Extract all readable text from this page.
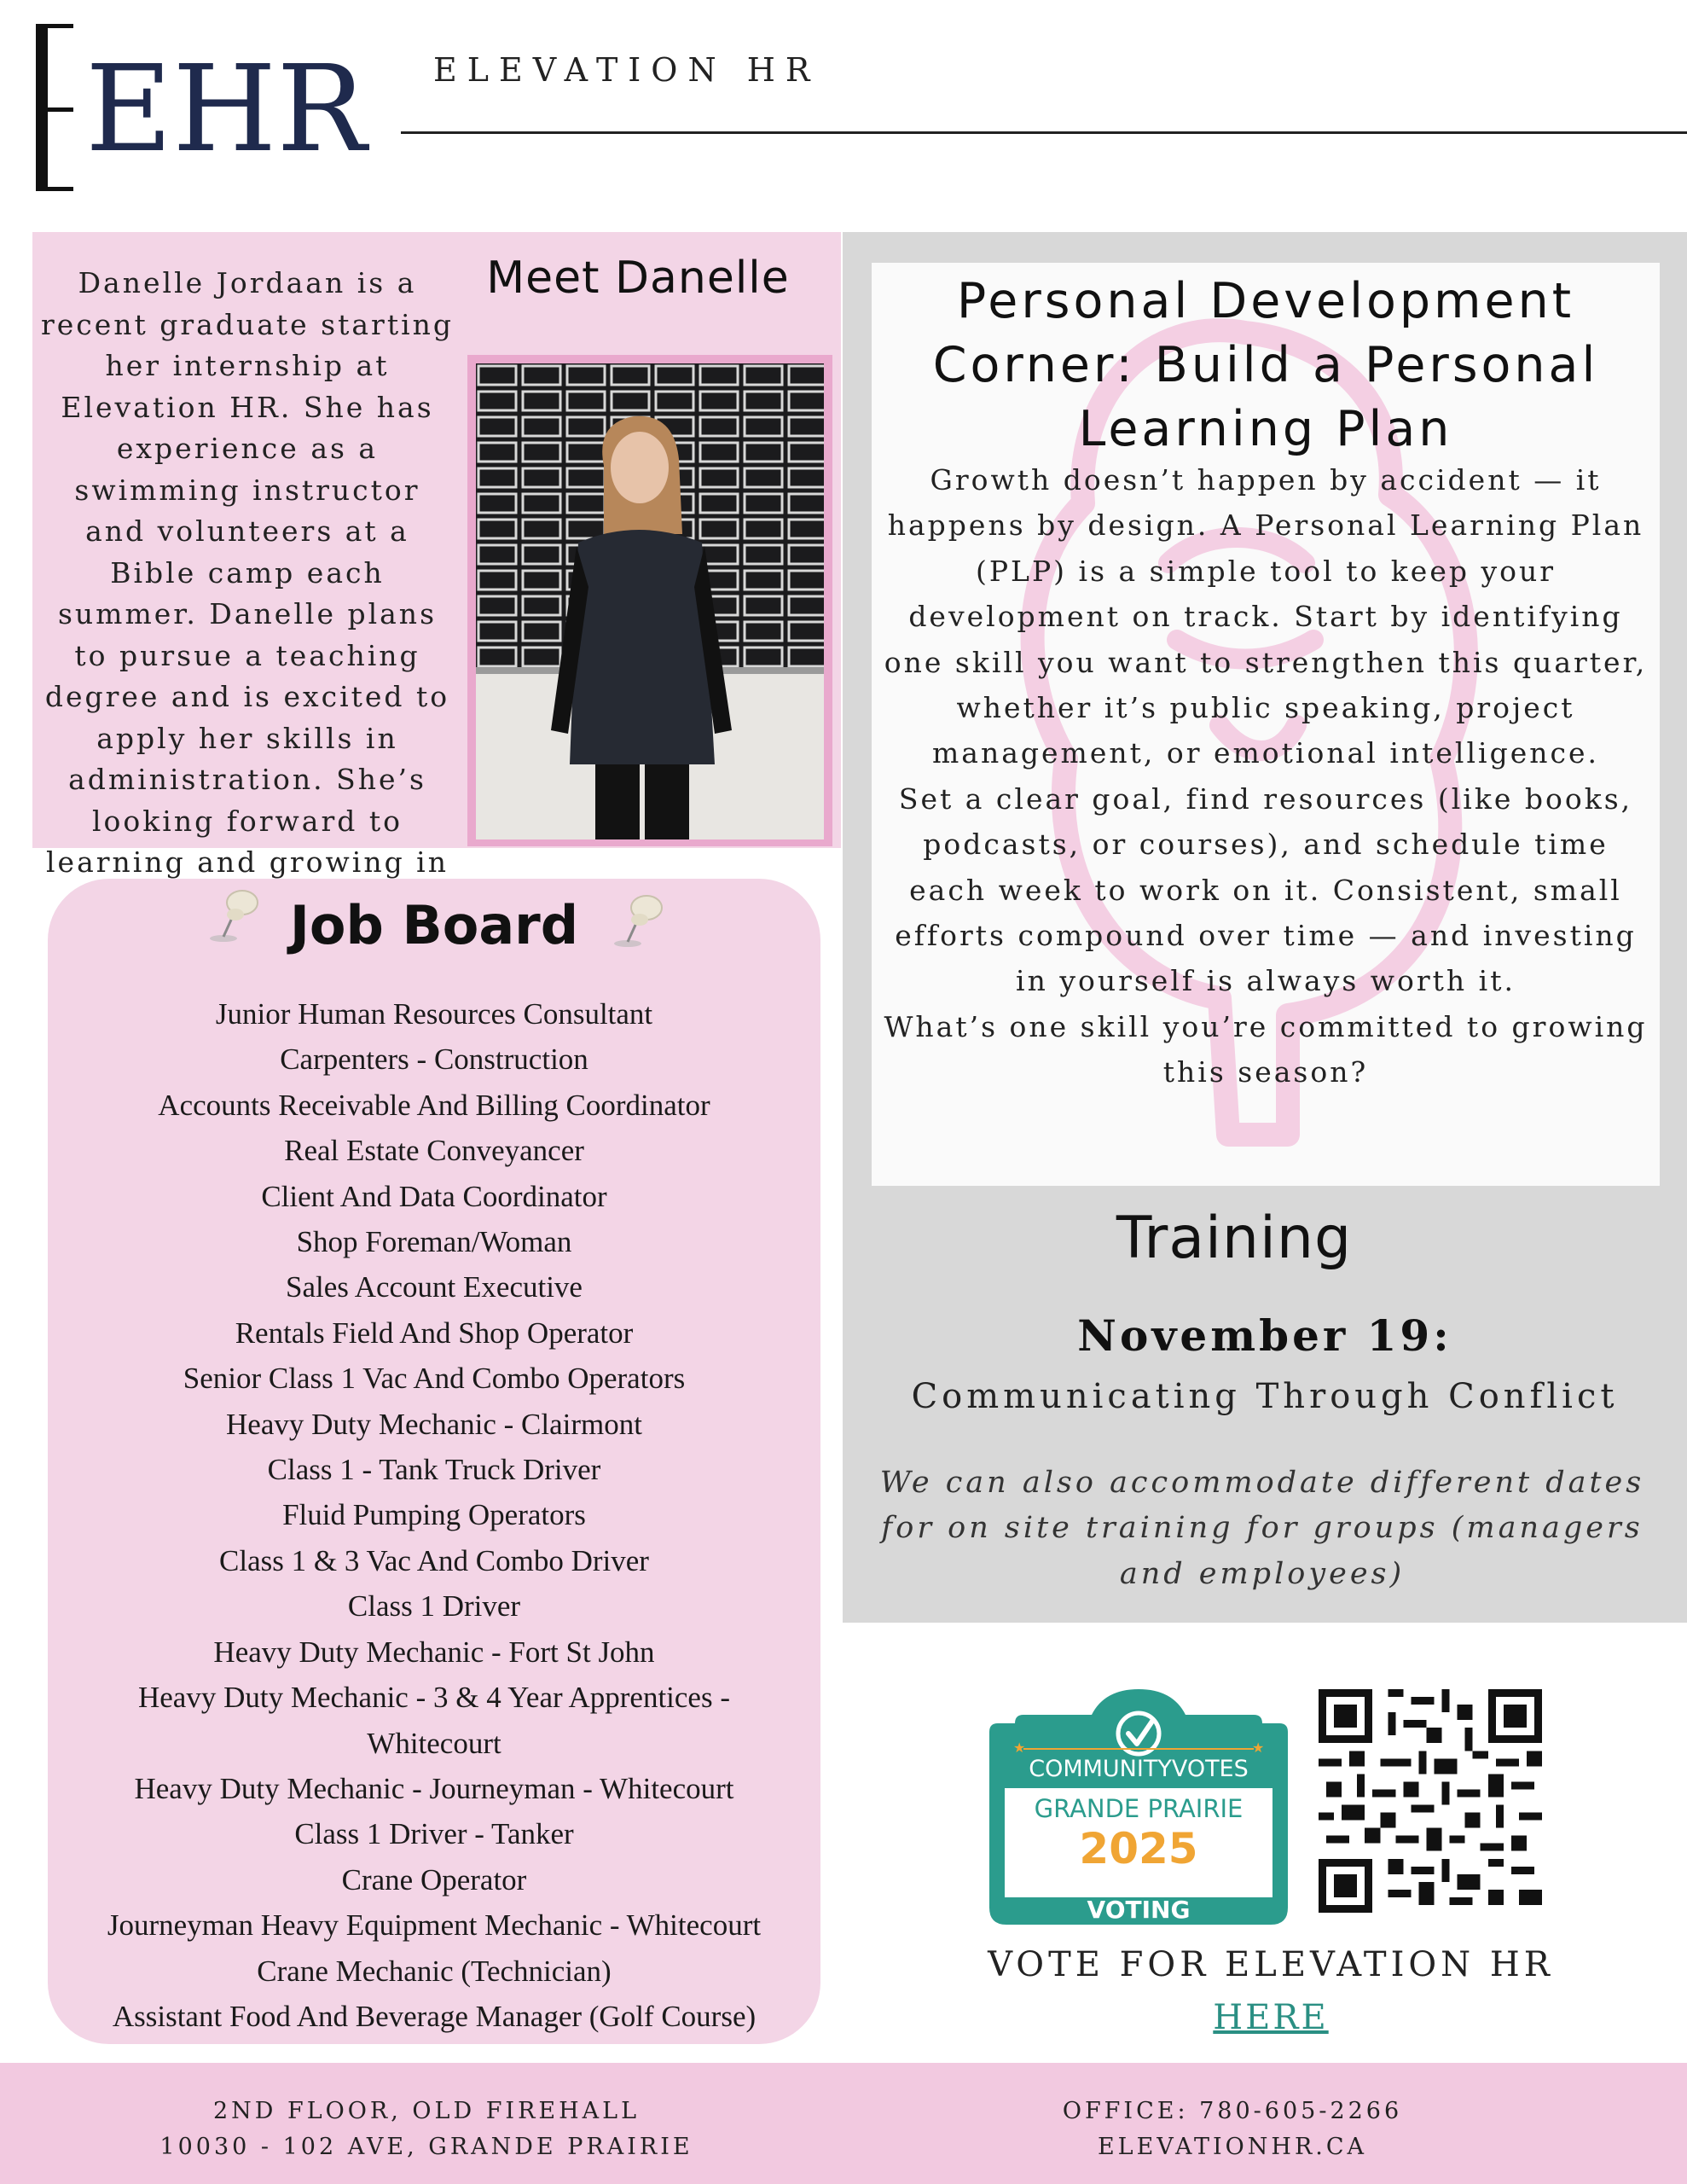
EHR ELEVATION HR
Danelle Jordaan is a recent graduate starting her internship at Elevation HR. She has experience as a swimming instructor and volunteers at a Bible camp each summer. Danelle plans to pursue a teaching degree and is excited to apply her skills in administration. She’s looking forward to learning and growing in
Meet Danelle
Job Board
Junior Human Resources Consultant
Carpenters - Construction
Accounts Receivable And Billing Coordinator
Real Estate Conveyancer
Client And Data Coordinator
Shop Foreman/Woman
Sales Account Executive
Rentals Field And Shop Operator
Senior Class 1 Vac And Combo Operators
Heavy Duty Mechanic - Clairmont
Class 1 - Tank Truck Driver
Fluid Pumping Operators
Class 1 & 3 Vac And Combo Driver
Class 1 Driver
Heavy Duty Mechanic - Fort St John
Heavy Duty Mechanic - 3 & 4 Year Apprentices - Whitecourt
Heavy Duty Mechanic - Journeyman - Whitecourt
Class 1 Driver - Tanker
Crane Operator
Journeyman Heavy Equipment Mechanic - Whitecourt
Crane Mechanic (Technician)
Assistant Food And Beverage Manager (Golf Course)
Personal Development Corner: Build a Personal Learning Plan
Growth doesn’t happen by accident — it happens by design. A Personal Learning Plan (PLP) is a simple tool to keep your development on track. Start by identifying one skill you want to strengthen this quarter, whether it’s public speaking, project management, or emotional intelligence.
Set a clear goal, find resources (like books, podcasts, or courses), and schedule time each week to work on it. Consistent, small efforts compound over time — and investing in yourself is always worth it.
What’s one skill you’re committed to growing this season?
Training
November 19:
Communicating Through Conflict
We can also accommodate different dates for on site training for groups (managers and employees)
★	★
COMMUNITYVOTES
GRANDE PRAIRIE
2025
VOTING
VOTE FOR ELEVATION HR
HERE
2ND FLOOR, OLD FIREHALL
10030 - 102 AVE, GRANDE PRAIRIE
OFFICE: 780-605-2266
ELEVATIONHR.CA
